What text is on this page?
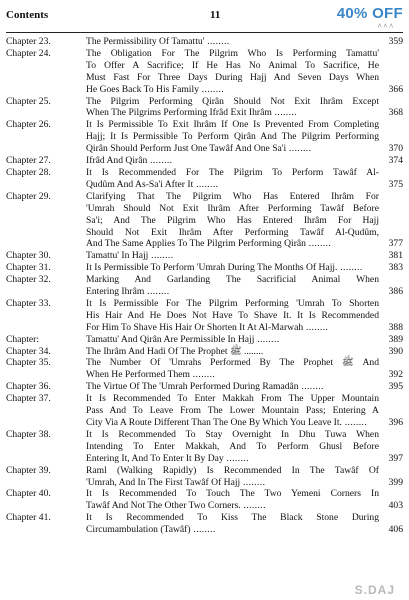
Contents	11	40% OFF
^ ^ ^
Chapter 23.	The Permissibility Of Tamattu' ........	359
Chapter 24.	The Obligation For The Pilgrim Who Is Performing Tamattu'
To Offer A Sacrifice; If He Has No Animal To Sacrifice, He
Must Fast For Three Days During Hajj And Seven Days When
He Goes Back To His Family ........	366
Chapter 25.	The Pilgrim Performing Qirân Should Not Exit Ihrâm Except
When The Pilgrims Performing Ifrâd Exit Ihrâm ........	368
Chapter 26.	It Is Permissible To Exit Ihrâm If One Is Prevented From Completing
Hajj; It Is Permissible To Perform Qirân And The Pilgrim Performing
Qirân Should Perform Just One Tawâf And One Sa'i ........	370
Chapter 27.	Ifrâd And Qirân ........	374
Chapter 28.	It Is Recommended For The Pilgrim To Perform Tawâf Al-
Qudûm And As-Sa'i After It ........	375
Chapter 29.	Clarifying That The Pilgrim Who Has Entered Ihrâm For
'Umrah Should Not Exit Ihrâm After Performing Tawâf Before
Sa'i; And The Pilgrim Who Has Entered Ihrâm For Hajj
Should Not Exit Ihrâm After Performing Tawâf Al-Qudûm,
And The Same Applies To The Pilgrim Performing Qirân ........	377
Chapter 30.	Tamattu' In Hajj ........	381
Chapter 31.	It Is Permissible To Perform 'Umrah During The Months Of Hajj. ........	383
Chapter 32.	Marking And Garlanding The Sacrificial Animal When
Entering Ihrâm ........	386
Chapter 33.	It Is Permissible For The Pilgrim Performing 'Umrah To Shorten
His Hair And He Does Not Have To Shave It. It Is Recommended
For Him To Shave His Hair Or Shorten It At Al-Marwah ........	388
Chapter:	Tamattu' And Qirân Are Permissible In Hajj ........	389
Chapter 34.	The Ihrâm And Hadi Of The Prophet ﷺ ........	390
Chapter 35.	The Number Of 'Umrahs Performed By The Prophet ﷺ And
When He Performed Them ........	392
Chapter 36.	The Virtue Of The 'Umrah Performed During Ramadân ........	395
Chapter 37.	It Is Recommended To Enter Makkah From The Upper Mountain
Pass And To Leave From The Lower Mountain Pass; Entering A
City Via A Route Different Than The One By Which You Leave It. ........	396
Chapter 38.	It Is Recommended To Stay Overnight In Dhu Tuwa When
Intending To Enter Makkah, And To Perform Ghusl Before
Entering It, And To Enter It By Day ........	397
Chapter 39.	Raml (Walking Rapidly) Is Recommended In The Tawâf Of
'Umrah, And In The First Tawâf Of Hajj ........	399
Chapter 40.	It Is Recommended To Touch The Two Yemeni Corners In
Tawâf And Not The Other Two Corners. ........	403
Chapter 41.	It Is Recommended To Kiss The Black Stone During
Circumambulation (Tawâf) ........	406
S.DAJ
